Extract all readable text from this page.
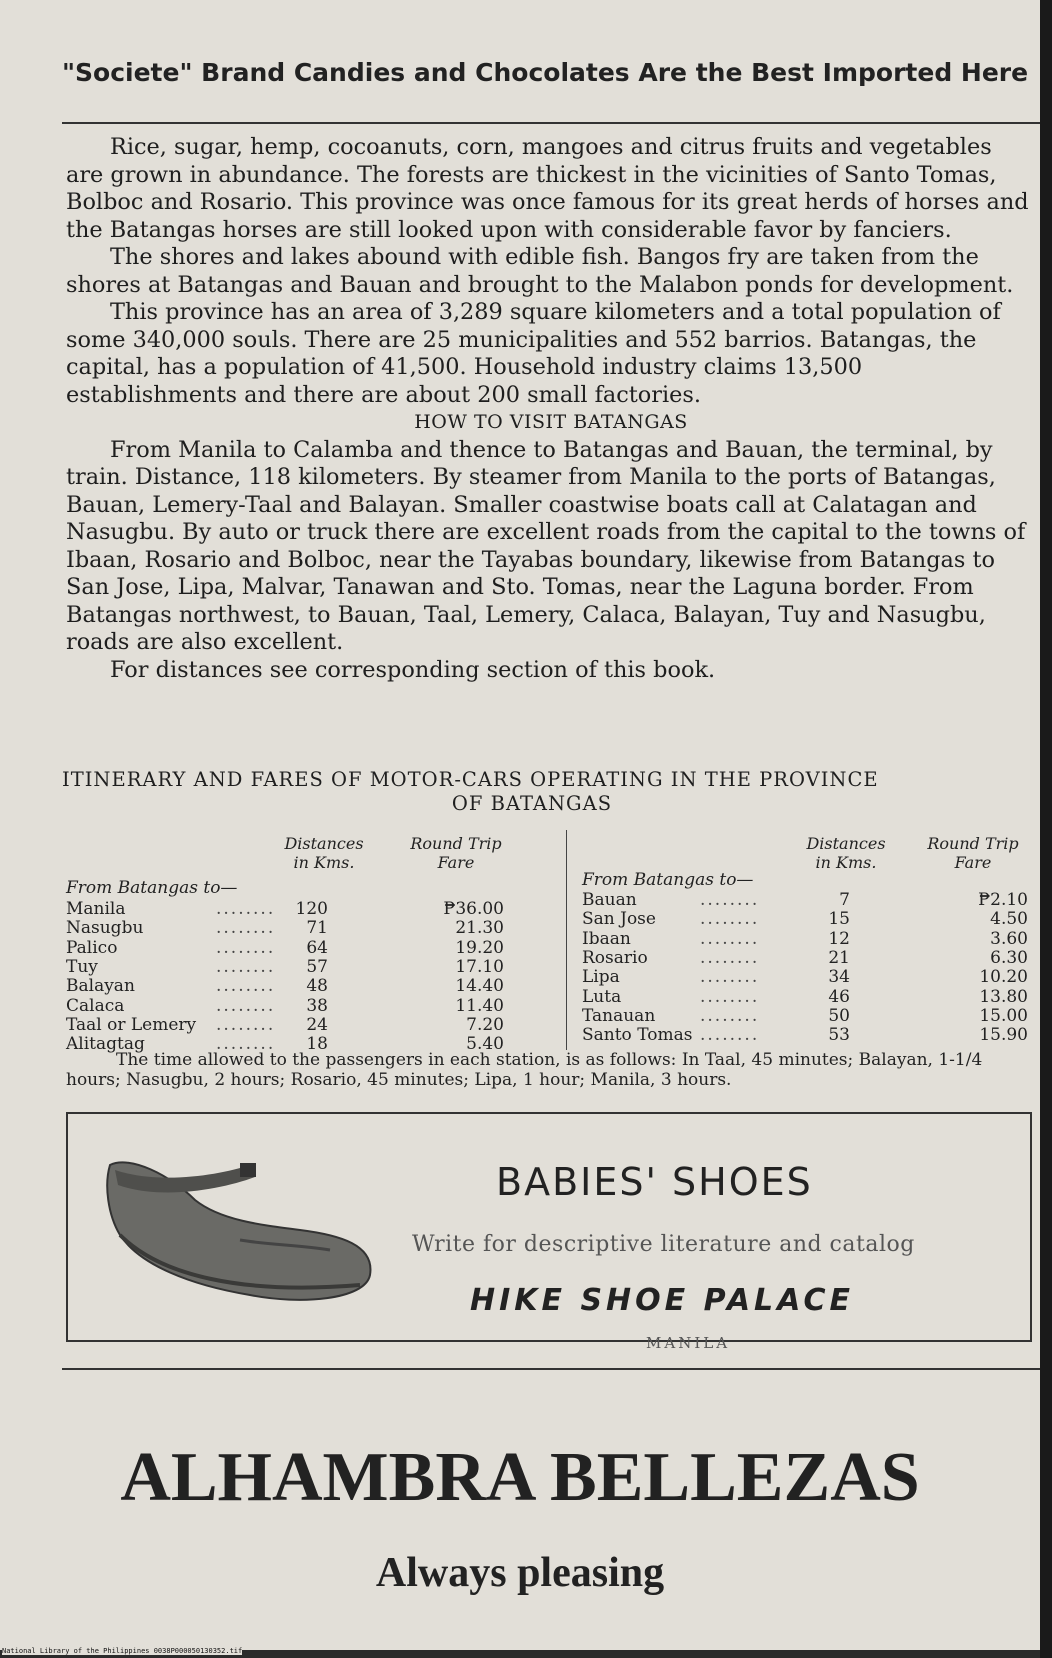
"Societe" Brand Candies and Chocolates Are the Best Imported Here

Rice, sugar, hemp, cocoanuts, corn, mangoes and citrus fruits and vegetables are grown in abundance. The forests are thickest in the vicinities of Santo Tomas, Bolboc and Rosario. This province was once famous for its great herds of horses and the Batangas horses are still looked upon with considerable favor by fanciers.

The shores and lakes abound with edible fish. Bangos fry are taken from the shores at Batangas and Bauan and brought to the Malabon ponds for development.

This province has an area of 3,289 square kilometers and a total population of some 340,000 souls. There are 25 municipalities and 552 barrios. Batangas, the capital, has a population of 41,500. Household industry claims 13,500 establishments and there are about 200 small factories.

HOW TO VISIT BATANGAS

From Manila to Calamba and thence to Batangas and Bauan, the terminal, by train. Distance, 118 kilometers. By steamer from Manila to the ports of Batangas, Bauan, Lemery-Taal and Balayan. Smaller coastwise boats call at Calatagan and Nasugbu. By auto or truck there are excellent roads from the capital to the towns of Ibaan, Rosario and Bolboc, near the Tayabas boundary, likewise from Batangas to San Jose, Lipa, Malvar, Tanawan and Sto. Tomas, near the Laguna border. From Batangas northwest, to Bauan, Taal, Lemery, Calaca, Balayan, Tuy and Nasugbu, roads are also excellent.

For distances see corresponding section of this book.

ITINERARY AND FARES OF MOTOR-CARS OPERATING IN THE PROVINCE
OF BATANGAS
Distances
in Kms.
Round Trip
Fare
From Batangas to—
Manila	........	120	₱36.00
Nasugbu	........	71	21.30
Palico	........	64	19.20
Tuy	........	57	17.10
Balayan	........	48	14.40
Calaca	........	38	11.40
Taal or Lemery ........	24	7.20
Alitagtag	........	18	5.40
Distances
in Kms.
Round Trip
Fare
From Batangas to—
Bauan	........	7	₱2.10
San Jose	........	15	4.50
Ibaan	........	12	3.60
Rosario	........	21	6.30
Lipa	........	34	10.20
Luta	........	46	13.80
Tanauan	........	50	15.00
Santo Tomas ........	53	15.90
The time allowed to the passengers in each station, is as follows: In Taal, 45 minutes; Balayan, 1-1/4 hours; Nasugbu, 2 hours; Rosario, 45 minutes; Lipa, 1 hour; Manila, 3 hours.
BABIES' SHOES
Write for descriptive literature and catalog
HIKE SHOE PALACE
MANILA
ALHAMBRA BELLEZAS
Always pleasing
National Library of the Philippines 0038P000050130352.tif
